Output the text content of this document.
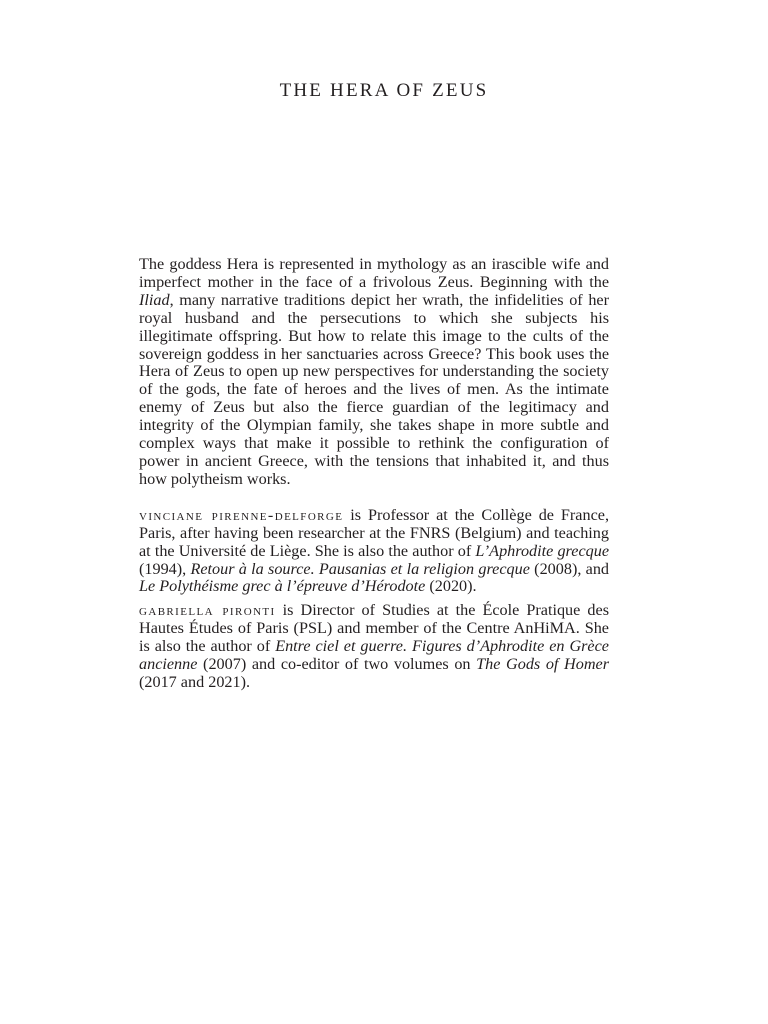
THE HERA OF ZEUS

The goddess Hera is represented in mythology as an irascible wife and imperfect mother in the face of a frivolous Zeus. Beginning with the Iliad, many narrative traditions depict her wrath, the infidelities of her royal husband and the persecutions to which she subjects his illegitimate offspring. But how to relate this image to the cults of the sovereign goddess in her sanctuaries across Greece? This book uses the Hera of Zeus to open up new perspectives for understanding the society of the gods, the fate of heroes and the lives of men. As the intimate enemy of Zeus but also the fierce guardian of the legitimacy and integrity of the Olympian family, she takes shape in more subtle and complex ways that make it possible to rethink the configuration of power in ancient Greece, with the tensions that inhabited it, and thus how polytheism works.

vinciane pirenne-delforge is Professor at the Collège de France, Paris, after having been researcher at the FNRS (Belgium) and teaching at the Université de Liège. She is also the author of L’Aphrodite grecque (1994), Retour à la source. Pausanias et la religion grecque (2008), and Le Polythéisme grec à l’épreuve d’Hérodote (2020).

gabriella pironti is Director of Studies at the École Pratique des Hautes Études of Paris (PSL) and member of the Centre AnHiMA. She is also the author of Entre ciel et guerre. Figures d’Aphrodite en Grèce ancienne (2007) and co-editor of two volumes on The Gods of Homer (2017 and 2021).
